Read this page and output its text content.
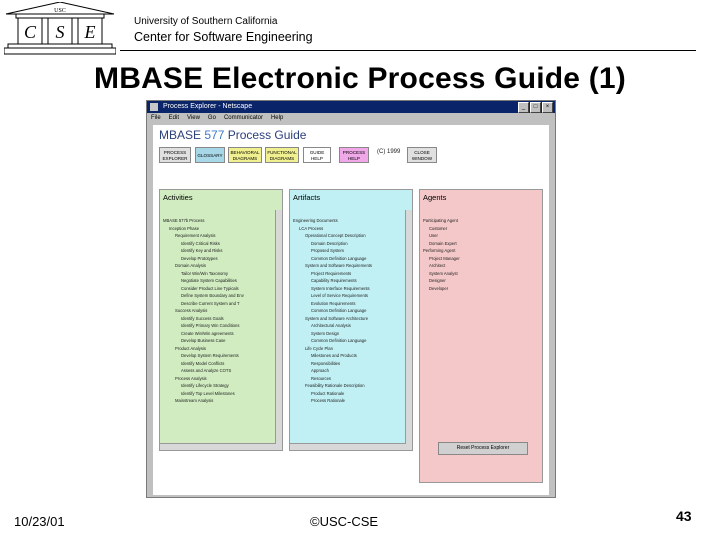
USC
C S E
University of Southern California
Center for Software Engineering
MBASE Electronic Process Guide (1)
Process Explorer - Netscape	_ □ ×
File Edit View Go Communicator Help
MBASE 577 Process Guide
PROCESS EXPLORER	GLOSSARY
BEHAVIORAL DIAGRAMS
FUNCTIONAL DIAGRAMS
GUIDE HELP
PROCESS HELP
(C) 1999	CLOSE WINDOW
Activities
MBASE 577b Process
Inception Phase
Requirement Analysis
Identify Critical Risks
Identify Key and Risks
Develop Prototypes
Domain Analysis
Tailor Win/Win Taxonomy
Negotiate System Capabilities
Consider Product Line Typicals
Define System Boundary and Env
Describe Current System and T
Success Analysis
Identify Success Goals
Identify Primary Win Conditions
Create Win/Win agreements
Develop Business Case
Product Analysis
Develop System Requirements
Identify Model Conflicts
Assess and Analyze COTS
Process Analysis
Identify Lifecycle Strategy
Identify Top Level Milestones
Mainstream Analysis
Artifacts
Engineering Documents
LCA Process
Operational Concept Description
Domain Description
Proposed System
Common Definition Language
System and Software Requirements
Project Requirements
Capability Requirements
System Interface Requirements
Level of Service Requirements
Evolution Requirements
Common Definition Language
System and Software Architecture
Architectural Analysis
System Design
Common Definition Language
Life Cycle Plan
Milestones and Products
Responsibilities
Approach
Resources
Feasibility Rationale Description
Product Rationale
Process Rationale
Agents
Participating Agent
Customer
User
Domain Expert
Performing Agent
Project Manager
Architect
System Analyst
Designer
Developer
Reset Process Explorer
10/23/01	©USC-CSE	43
